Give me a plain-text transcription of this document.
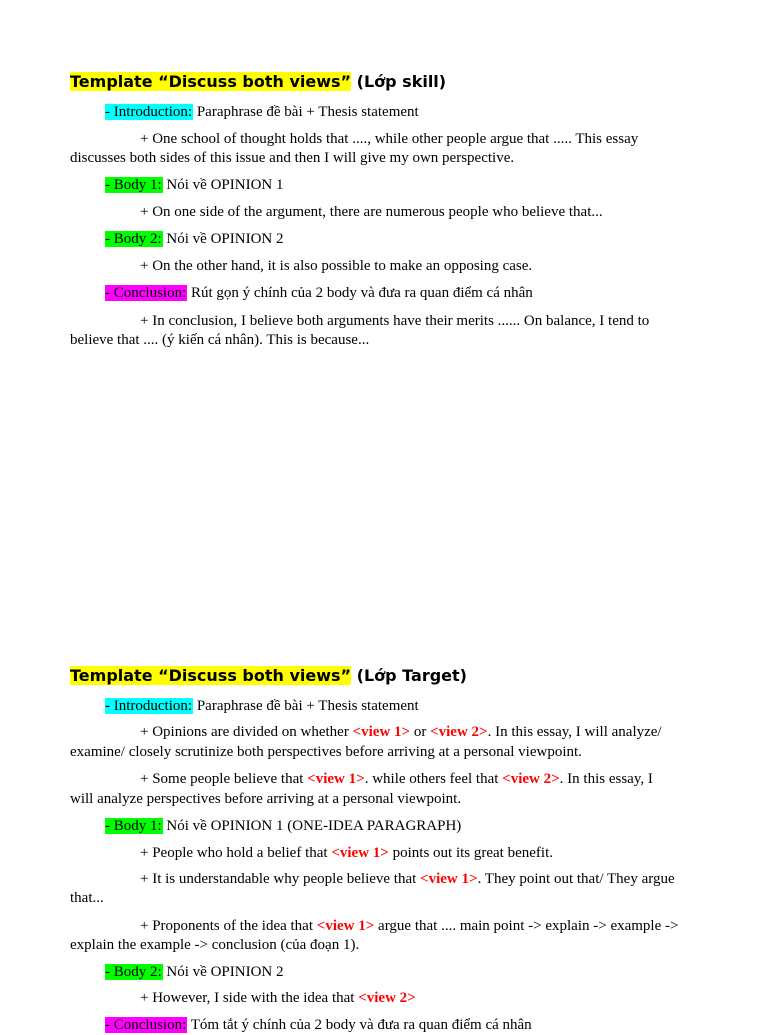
Template “Discuss both views” (Lớp skill)
- Introduction: Paraphrase đề bài + Thesis statement
+ One school of thought holds that ...., while other people argue that ..... This essay
discusses both sides of this issue and then I will give my own perspective.
- Body 1: Nói về OPINION 1
+ On one side of the argument, there are numerous people who believe that...
- Body 2: Nói về OPINION 2
+ On the other hand, it is also possible to make an opposing case.
- Conclusion: Rút gọn ý chính của 2 body và đưa ra quan điểm cá nhân
+ In conclusion, I believe both arguments have their merits ...... On balance, I tend to
believe that .... (ý kiến cá nhân). This is because...
Template “Discuss both views” (Lớp Target)
- Introduction: Paraphrase đề bài + Thesis statement
+ Opinions are divided on whether <view 1> or <view 2>. In this essay, I will analyze/
examine/ closely scrutinize both perspectives before arriving at a personal viewpoint.
+ Some people believe that <view 1>. while others feel that <view 2>. In this essay, I
will analyze perspectives before arriving at a personal viewpoint.
- Body 1: Nói về OPINION 1 (ONE-IDEA PARAGRAPH)
+ People who hold a belief that <view 1> points out its great benefit.
+ It is understandable why people believe that <view 1>. They point out that/ They argue
that...
+ Proponents of the idea that <view 1> argue that .... main point -> explain -> example ->
explain the example -> conclusion (của đoạn 1).
- Body 2: Nói về OPINION 2
+ However, I side with the idea that <view 2>
- Conclusion: Tóm tắt ý chính của 2 body và đưa ra quan điểm cá nhân
